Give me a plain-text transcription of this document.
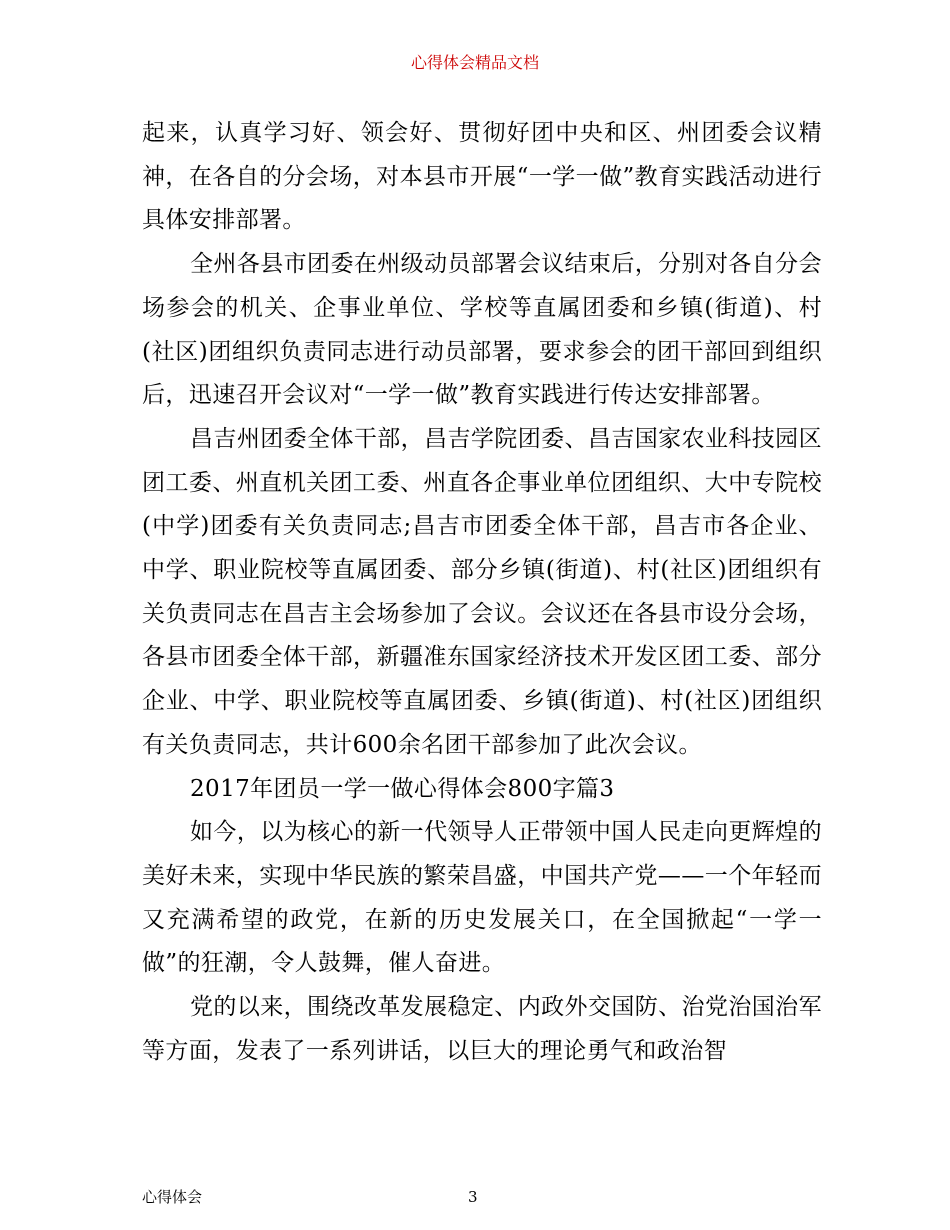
心得体会精品文档

起来，认真学习好、领会好、贯彻好团中央和区、州团委会议精神，在各自的分会场，对本县市开展“一学一做”教育实践活动进行具体安排部署。

全州各县市团委在州级动员部署会议结束后，分别对各自分会场参会的机关、企事业单位、学校等直属团委和乡镇(街道)、村(社区)团组织负责同志进行动员部署，要求参会的团干部回到组织后，迅速召开会议对“一学一做”教育实践进行传达安排部署。

昌吉州团委全体干部，昌吉学院团委、昌吉国家农业科技园区团工委、州直机关团工委、州直各企事业单位团组织、大中专院校(中学)团委有关负责同志;昌吉市团委全体干部，昌吉市各企业、中学、职业院校等直属团委、部分乡镇(街道)、村(社区)团组织有关负责同志在昌吉主会场参加了会议。会议还在各县市设分会场，各县市团委全体干部，新疆准东国家经济技术开发区团工委、部分企业、中学、职业院校等直属团委、乡镇(街道)、村(社区)团组织有关负责同志，共计600余名团干部参加了此次会议。

2017年团员一学一做心得体会800字篇3

如今，以为核心的新一代领导人正带领中国人民走向更辉煌的美好未来，实现中华民族的繁荣昌盛，中国共产党——一个年轻而又充满希望的政党，在新的历史发展关口，在全国掀起“一学一做”的狂潮，令人鼓舞，催人奋进。

党的以来，围绕改革发展稳定、内政外交国防、治党治国治军等方面，发表了一系列讲话，以巨大的理论勇气和政治智

心得体会	3
